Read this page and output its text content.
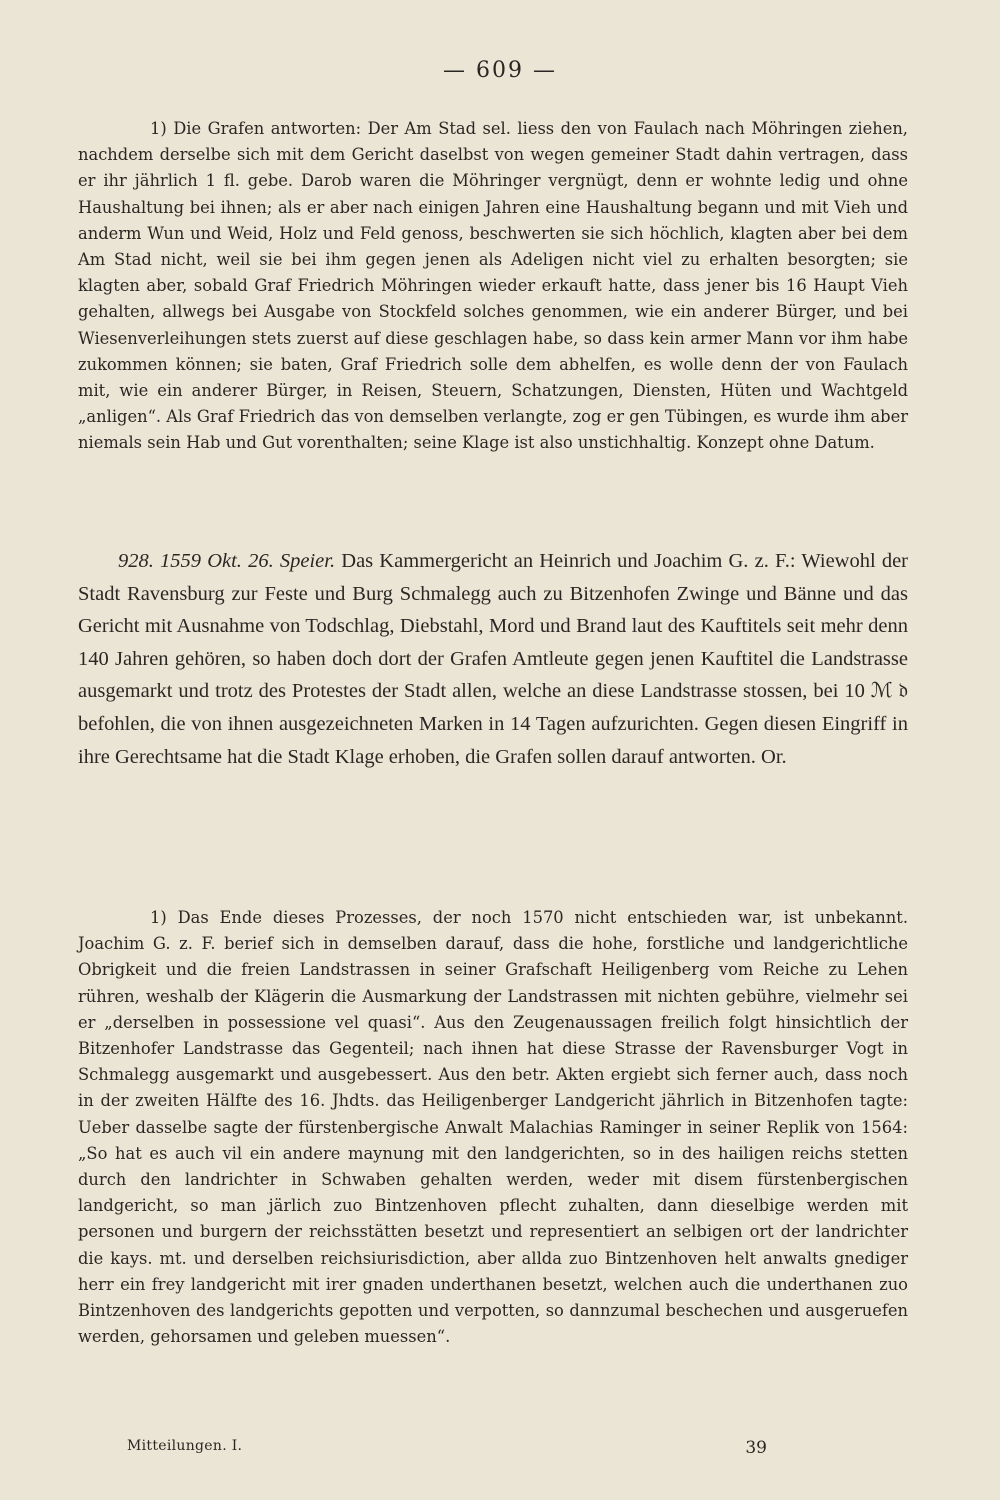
— 609 —

1) Die Grafen antworten: Der Am Stad sel. liess den von Faulach nach Möhringen ziehen, nachdem derselbe sich mit dem Gericht daselbst von wegen gemeiner Stadt dahin vertragen, dass er ihr jährlich 1 fl. gebe. Darob waren die Möhringer vergnügt, denn er wohnte ledig und ohne Haushaltung bei ihnen; als er aber nach einigen Jahren eine Haushaltung begann und mit Vieh und anderm Wun und Weid, Holz und Feld genoss, beschwerten sie sich höchlich, klagten aber bei dem Am Stad nicht, weil sie bei ihm gegen jenen als Adeligen nicht viel zu erhalten besorgten; sie klagten aber, sobald Graf Friedrich Möhringen wieder erkauft hatte, dass jener bis 16 Haupt Vieh gehalten, allwegs bei Ausgabe von Stockfeld solches genommen, wie ein anderer Bürger, und bei Wiesenverleihungen stets zuerst auf diese geschlagen habe, so dass kein armer Mann vor ihm habe zukommen können; sie baten, Graf Friedrich solle dem abhelfen, es wolle denn der von Faulach mit, wie ein anderer Bürger, in Reisen, Steuern, Schatzungen, Diensten, Hüten und Wachtgeld „anligen“. Als Graf Friedrich das von demselben verlangte, zog er gen Tübingen, es wurde ihm aber niemals sein Hab und Gut vorenthalten; seine Klage ist also unstichhaltig. Konzept ohne Datum.

928. 1559 Okt. 26. Speier. Das Kammergericht an Heinrich und Joachim G. z. F.: Wiewohl der Stadt Ravensburg zur Feste und Burg Schmalegg auch zu Bitzenhofen Zwinge und Bänne und das Gericht mit Ausnahme von Todschlag, Diebstahl, Mord und Brand laut des Kauftitels seit mehr denn 140 Jahren gehören, so haben doch dort der Grafen Amtleute gegen jenen Kauftitel die Landstrasse ausgemarkt und trotz des Protestes der Stadt allen, welche an diese Landstrasse stossen, bei 10 ℳ 𝔡 befohlen, die von ihnen ausgezeichneten Marken in 14 Tagen aufzurichten. Gegen diesen Eingriff in ihre Gerechtsame hat die Stadt Klage erhoben, die Grafen sollen darauf antworten. Or.

1) Das Ende dieses Prozesses, der noch 1570 nicht entschieden war, ist unbekannt. Joachim G. z. F. berief sich in demselben darauf, dass die hohe, forstliche und landgerichtliche Obrigkeit und die freien Landstrassen in seiner Grafschaft Heiligenberg vom Reiche zu Lehen rühren, weshalb der Klägerin die Ausmarkung der Landstrassen mit nichten gebühre, vielmehr sei er „derselben in possessione vel quasi“. Aus den Zeugenaussagen freilich folgt hinsichtlich der Bitzenhofer Landstrasse das Gegenteil; nach ihnen hat diese Strasse der Ravensburger Vogt in Schmalegg ausgemarkt und ausgebessert. Aus den betr. Akten ergiebt sich ferner auch, dass noch in der zweiten Hälfte des 16. Jhdts. das Heiligenberger Landgericht jährlich in Bitzenhofen tagte: Ueber dasselbe sagte der fürstenbergische Anwalt Malachias Raminger in seiner Replik von 1564: „So hat es auch vil ein andere maynung mit den landgerichten, so in des hailigen reichs stetten durch den landrichter in Schwaben gehalten werden, weder mit disem fürstenbergischen landgericht, so man järlich zuo Bintzenhoven pflecht zuhalten, dann dieselbige werden mit personen und burgern der reichsstätten besetzt und representiert an selbigen ort der landrichter die kays. mt. und derselben reichsiurisdiction, aber allda zuo Bintzenhoven helt anwalts gnediger herr ein frey landgericht mit irer gnaden underthanen besetzt, welchen auch die underthanen zuo Bintzenhoven des landgerichts gepotten und verpotten, so dannzumal beschechen und ausgeruefen werden, gehorsamen und geleben muessen“.

Mitteilungen. I.	39
